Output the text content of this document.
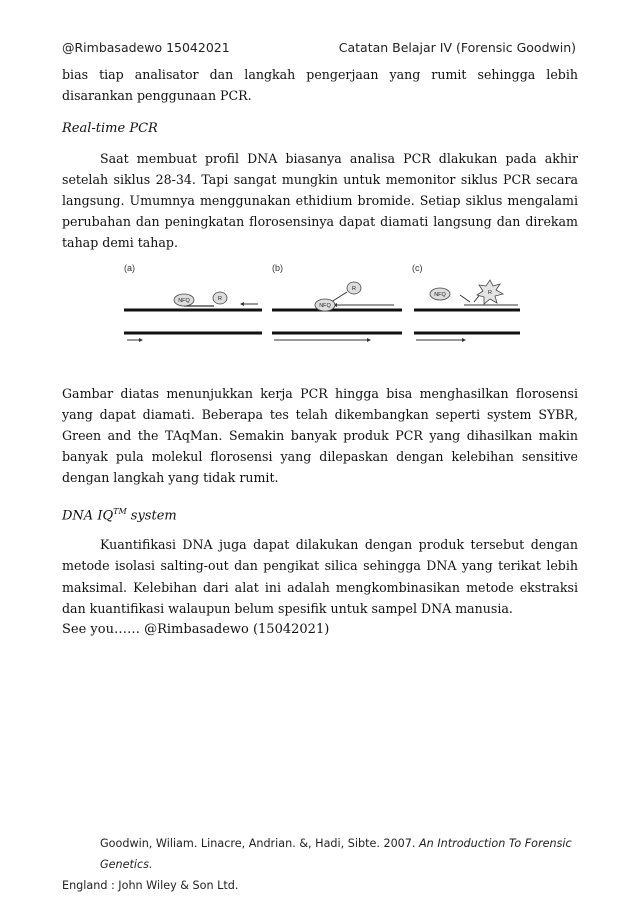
@Rimbasadewo 15042021	Catatan Belajar IV (Forensic Goodwin)

bias tiap analisator dan langkah pengerjaan yang rumit sehingga lebih disarankan penggunaan PCR.

Real-time PCR

Saat membuat profil DNA biasanya analisa PCR dlakukan pada akhir setelah siklus 28-34. Tapi sangat mungkin untuk memonitor siklus PCR secara langsung. Umumnya menggunakan ethidium bromide. Setiap siklus mengalami perubahan dan peningkatan florosensinya dapat diamati langsung dan direkam tahap demi tahap.

(a)
NFQ	R
(b)
NFQ
R
(c)
NFQ	R

Gambar diatas menunjukkan kerja PCR hingga bisa menghasilkan florosensi yang dapat diamati. Beberapa tes telah dikembangkan seperti system SYBR, Green and the TAqMan. Semakin banyak produk PCR yang dihasilkan makin banyak pula molekul florosensi yang dilepaskan dengan kelebihan sensitive dengan langkah yang tidak rumit.

DNA IQ™ system

Kuantifikasi DNA juga dapat dilakukan dengan produk tersebut dengan metode isolasi salting-out dan pengikat silica sehingga DNA yang terikat lebih maksimal. Kelebihan dari alat ini adalah mengkombinasikan metode ekstraksi dan kuantifikasi walaupun belum spesifik untuk sampel DNA manusia.

See you…… @Rimbasadewo (15042021)

Goodwin, Wiliam. Linacre, Andrian. &, Hadi, Sibte. 2007. An Introduction To Forensic Genetics.
England : John Wiley & Son Ltd.
